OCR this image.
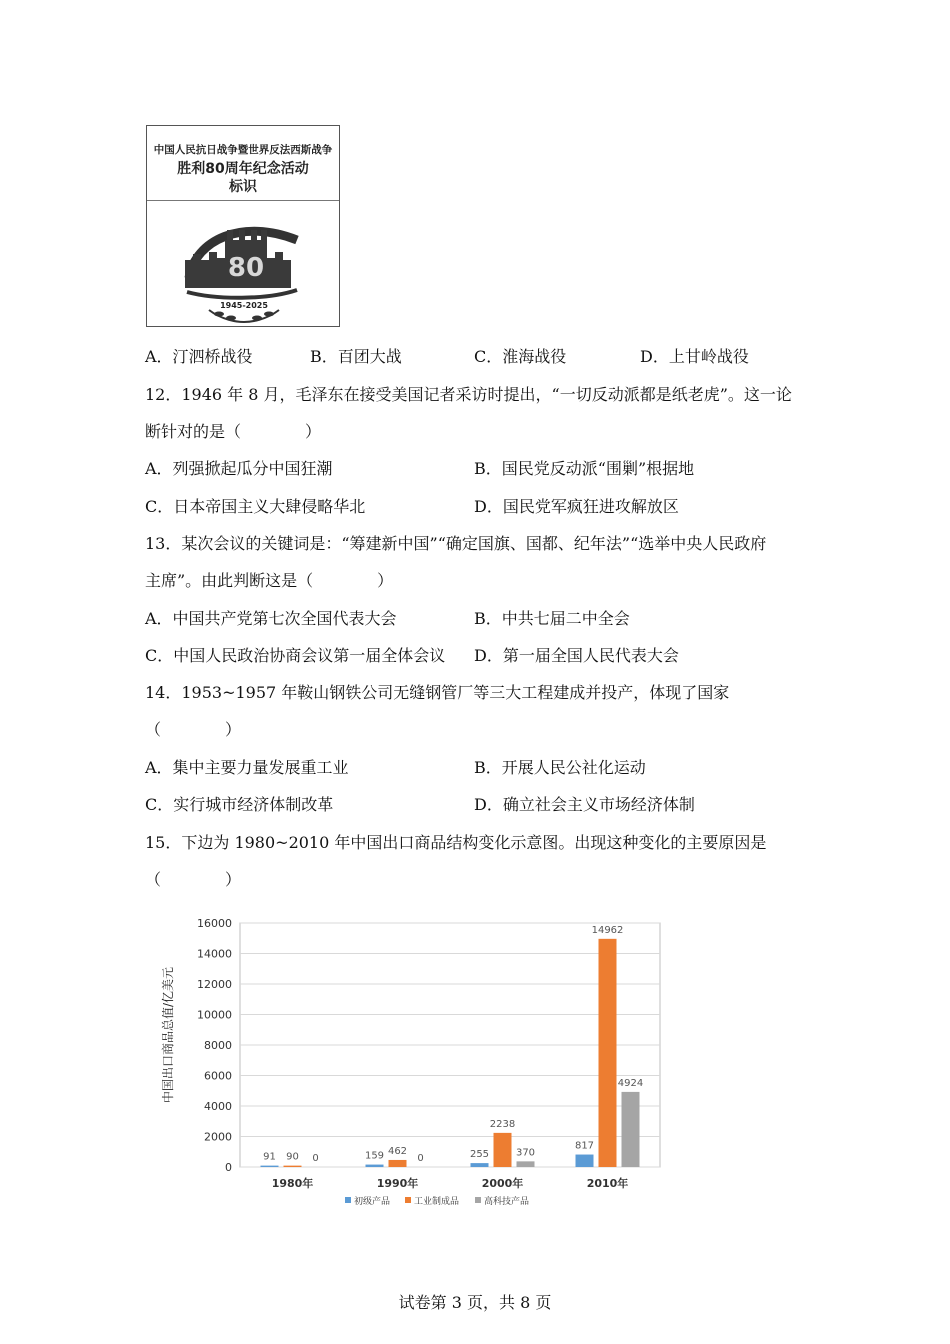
中国人民抗日战争暨世界反法西斯战争
胜利80周年纪念活动
标识
80
1945-2025
A．汀泗桥战役	B．百团大战	C．淮海战役	D．上甘岭战役
12．1946 年 8 月，毛泽东在接受美国记者采访时提出，“一切反动派都是纸老虎”。这一论
断针对的是（　　　　）
A．列强掀起瓜分中国狂潮	B．国民党反动派“围剿”根据地
C．日本帝国主义大肆侵略华北	D．国民党军疯狂进攻解放区
13．某次会议的关键词是：“筹建新中国”“确定国旗、国都、纪年法”“选举中央人民政府
主席”。由此判断这是（　　　　）
A．中国共产党第七次全国代表大会	B．中共七届二中全会
C．中国人民政治协商会议第一届全体会议 D．第一届全国人民代表大会
14．1953~1957 年鞍山钢铁公司无缝钢管厂等三大工程建成并投产，体现了国家
（　　　　）
A．集中主要力量发展重工业	B．开展人民公社化运动
C．实行城市经济体制改革	D．确立社会主义市场经济体制
15．下边为 1980~2010 年中国出口商品结构变化示意图。出现这种变化的主要原因是
（　　　　）
0
2000
4000
6000
8000
10000
12000
14000
16000
91 90 0
1980年
159 462
0
1990年
255
2238
370
2000年
817
14962
4924
2010年
中国出口商品总值/亿美元
初级产品	工业制成品	高科技产品
试卷第 3 页，共 8 页
